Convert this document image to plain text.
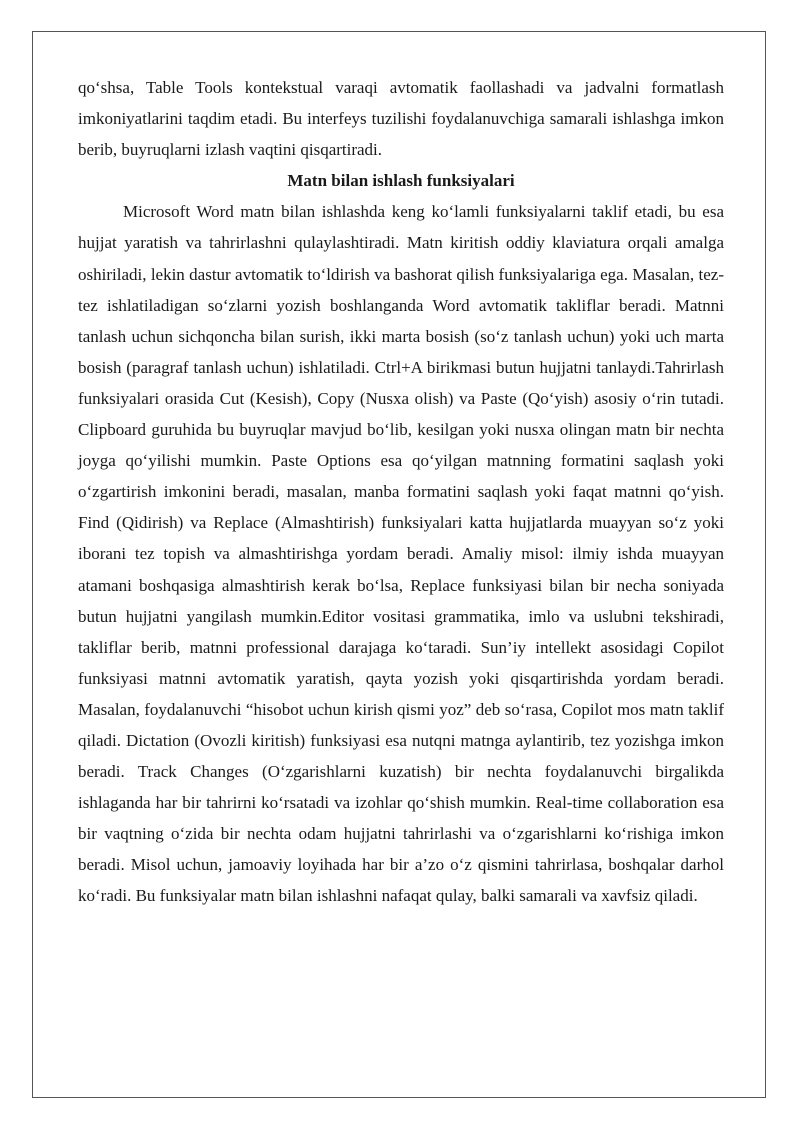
qo‘shsa, Table Tools kontekstual varaqi avtomatik faollashadi va jadvalni formatlash imkoniyatlarini taqdim etadi. Bu interfeys tuzilishi foydalanuvchiga samarali ishlashga imkon berib, buyruqlarni izlash vaqtini qisqartiradi.

Matn bilan ishlash funksiyalari

Microsoft Word matn bilan ishlashda keng ko‘lamli funksiyalarni taklif etadi, bu esa hujjat yaratish va tahrirlashni qulaylashtiradi. Matn kiritish oddiy klaviatura orqali amalga oshiriladi, lekin dastur avtomatik to‘ldirish va bashorat qilish funksiyalariga ega. Masalan, tez-tez ishlatiladigan so‘zlarni yozish boshlanganda Word avtomatik takliflar beradi. Matnni tanlash uchun sichqoncha bilan surish, ikki marta bosish (so‘z tanlash uchun) yoki uch marta bosish (paragraf tanlash uchun) ishlatiladi. Ctrl+A birikmasi butun hujjatni tanlaydi.Tahrirlash funksiyalari orasida Cut (Kesish), Copy (Nusxa olish) va Paste (Qo‘yish) asosiy o‘rin tutadi. Clipboard guruhida bu buyruqlar mavjud bo‘lib, kesilgan yoki nusxa olingan matn bir nechta joyga qo‘yilishi mumkin. Paste Options esa qo‘yilgan matnning formatini saqlash yoki o‘zgartirish imkonini beradi, masalan, manba formatini saqlash yoki faqat matnni qo‘yish. Find (Qidirish) va Replace (Almashtirish) funksiyalari katta hujjatlarda muayyan so‘z yoki iborani tez topish va almashtirishga yordam beradi. Amaliy misol: ilmiy ishda muayyan atamani boshqasiga almashtirish kerak bo‘lsa, Replace funksiyasi bilan bir necha soniyada butun hujjatni yangilash mumkin.Editor vositasi grammatika, imlo va uslubni tekshiradi, takliflar berib, matnni professional darajaga ko‘taradi. Sun’iy intellekt asosidagi Copilot funksiyasi matnni avtomatik yaratish, qayta yozish yoki qisqartirishda yordam beradi. Masalan, foydalanuvchi “hisobot uchun kirish qismi yoz” deb so‘rasa, Copilot mos matn taklif qiladi. Dictation (Ovozli kiritish) funksiyasi esa nutqni matnga aylantirib, tez yozishga imkon beradi. Track Changes (O‘zgarishlarni kuzatish) bir nechta foydalanuvchi birgalikda ishlaganda har bir tahrirni ko‘rsatadi va izohlar qo‘shish mumkin. Real-time collaboration esa bir vaqtning o‘zida bir nechta odam hujjatni tahrirlashi va o‘zgarishlarni ko‘rishiga imkon beradi. Misol uchun, jamoaviy loyihada har bir a’zo o‘z qismini tahrirlasa, boshqalar darhol ko‘radi. Bu funksiyalar matn bilan ishlashni nafaqat qulay, balki samarali va xavfsiz qiladi.
